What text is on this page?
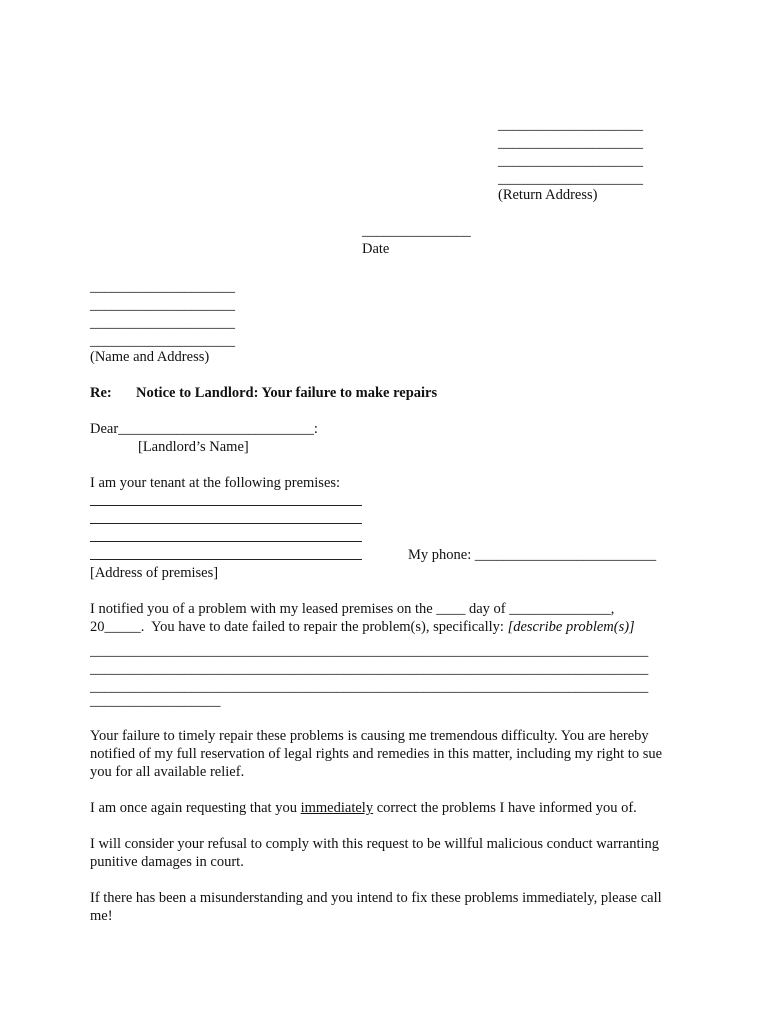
____________________
____________________
____________________
____________________
(Return Address)
_______________
Date
____________________
____________________
____________________
____________________
(Name and Address)
Re: Notice to Landlord: Your failure to make repairs
Dear___________________________:
[Landlord’s Name]
I am your tenant at the following premises:
My phone: _________________________
[Address of premises]
I notified you of a problem with my leased premises on the ____ day of ______________,
20_____.  You have to date failed to repair the problem(s), specifically: [describe problem(s)]
_____________________________________________________________________________
_____________________________________________________________________________
_____________________________________________________________________________
__________________
Your failure to timely repair these problems is causing me tremendous difficulty. You are hereby notified of my full reservation of legal rights and remedies in this matter, including my right to sue you for all available relief.
I am once again requesting that you immediately correct the problems I have informed you of.
I will consider your refusal to comply with this request to be willful malicious conduct warranting punitive damages in court.
If there has been a misunderstanding and you intend to fix these problems immediately, please call me!
